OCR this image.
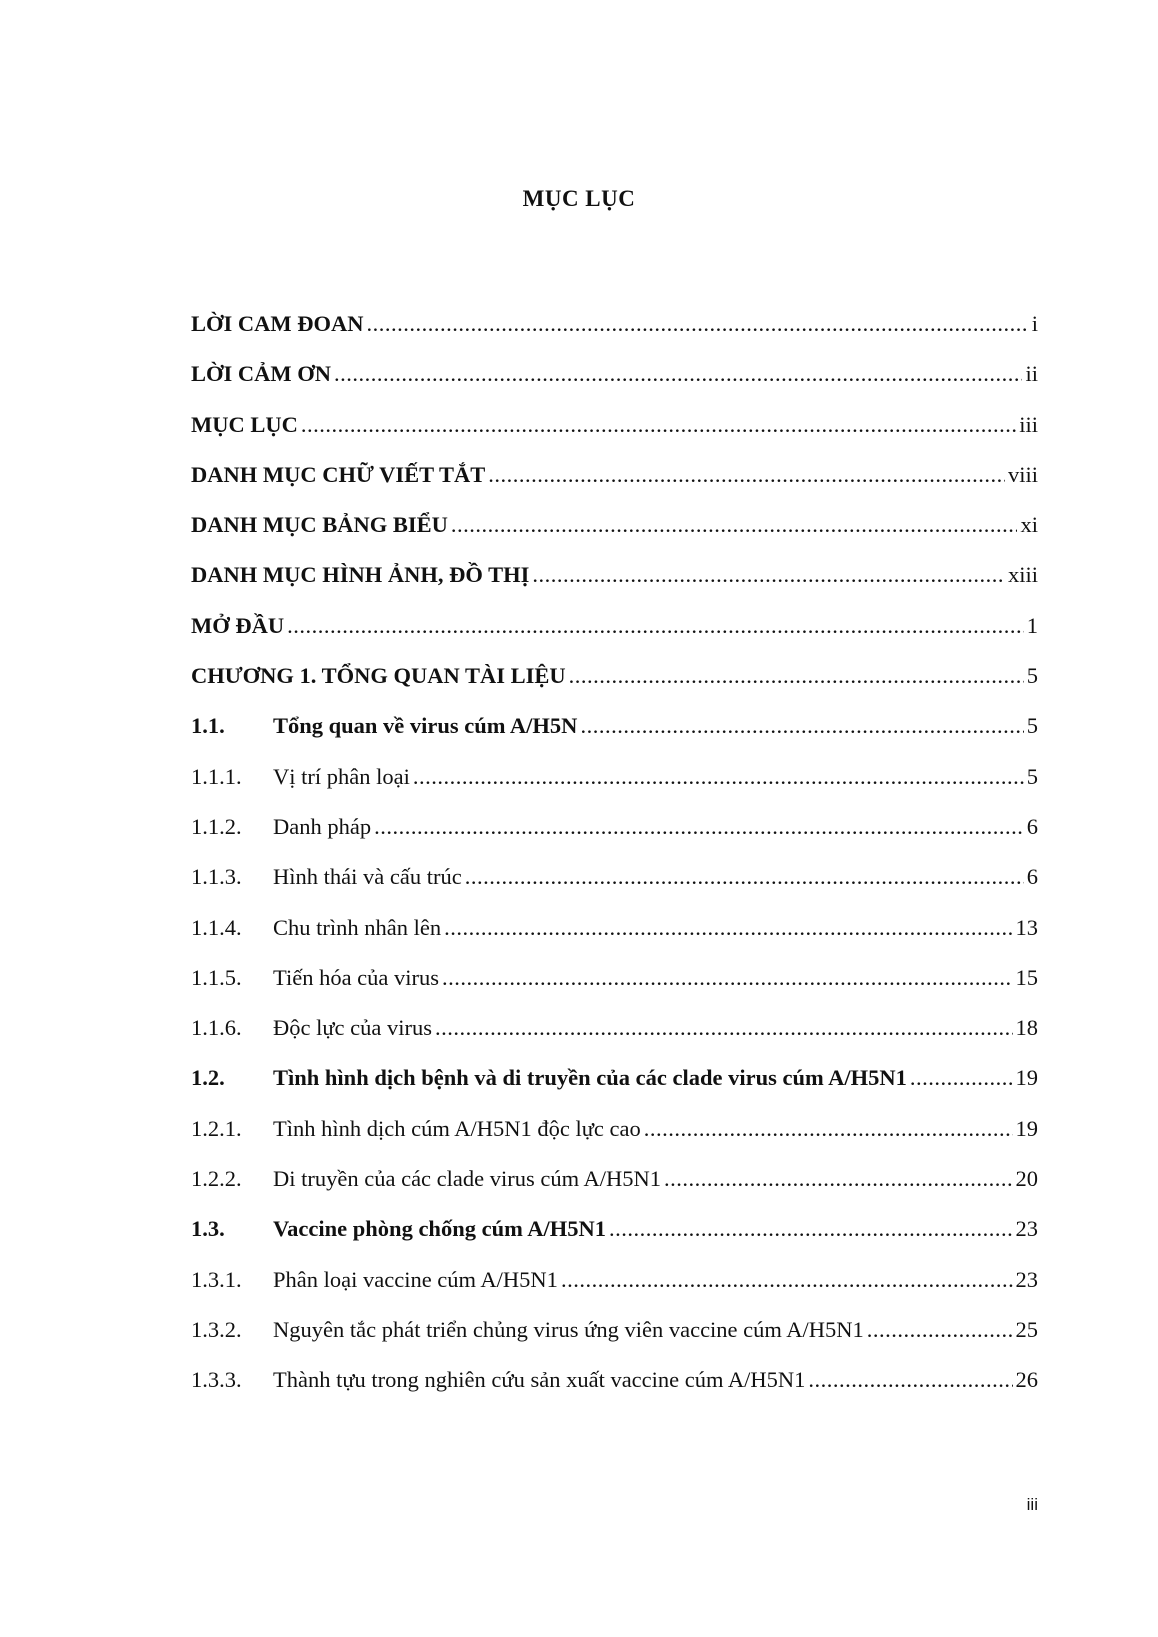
MỤC LỤC
LỜI CAM ĐOAN .....	i
LỜI CẢM ƠN .....	ii
MỤC LỤC .....	iii
DANH MỤC CHỮ VIẾT TẮT .....	viii
DANH MỤC BẢNG BIỂU .....	xi
DANH MỤC HÌNH ẢNH, ĐỒ THỊ .....	xiii
MỞ ĐẦU .....	1
CHƯƠNG 1. TỔNG QUAN TÀI LIỆU .....	5
1.1.	Tổng quan về virus cúm A/H5N .....	5
1.1.1.	Vị trí phân loại .....	5
1.1.2.	Danh pháp .....	6
1.1.3.	Hình thái và cấu trúc .....	6
1.1.4.	Chu trình nhân lên .....	13
1.1.5.	Tiến hóa của virus .....	15
1.1.6.	Độc lực của virus .....	18
1.2.	Tình hình dịch bệnh và di truyền của các clade virus cúm A/H5N1 .....	19
1.2.1.	Tình hình dịch cúm A/H5N1 độc lực cao .....	19
1.2.2.	Di truyền của các clade virus cúm A/H5N1 .....	20
1.3.	Vaccine phòng chống cúm A/H5N1 .....	23
1.3.1.	Phân loại vaccine cúm A/H5N1 .....	23
1.3.2.	Nguyên tắc phát triển chủng virus ứng viên vaccine cúm A/H5N1 .....	25
1.3.3.	Thành tựu trong nghiên cứu sản xuất vaccine cúm A/H5N1 .....	26
iii
